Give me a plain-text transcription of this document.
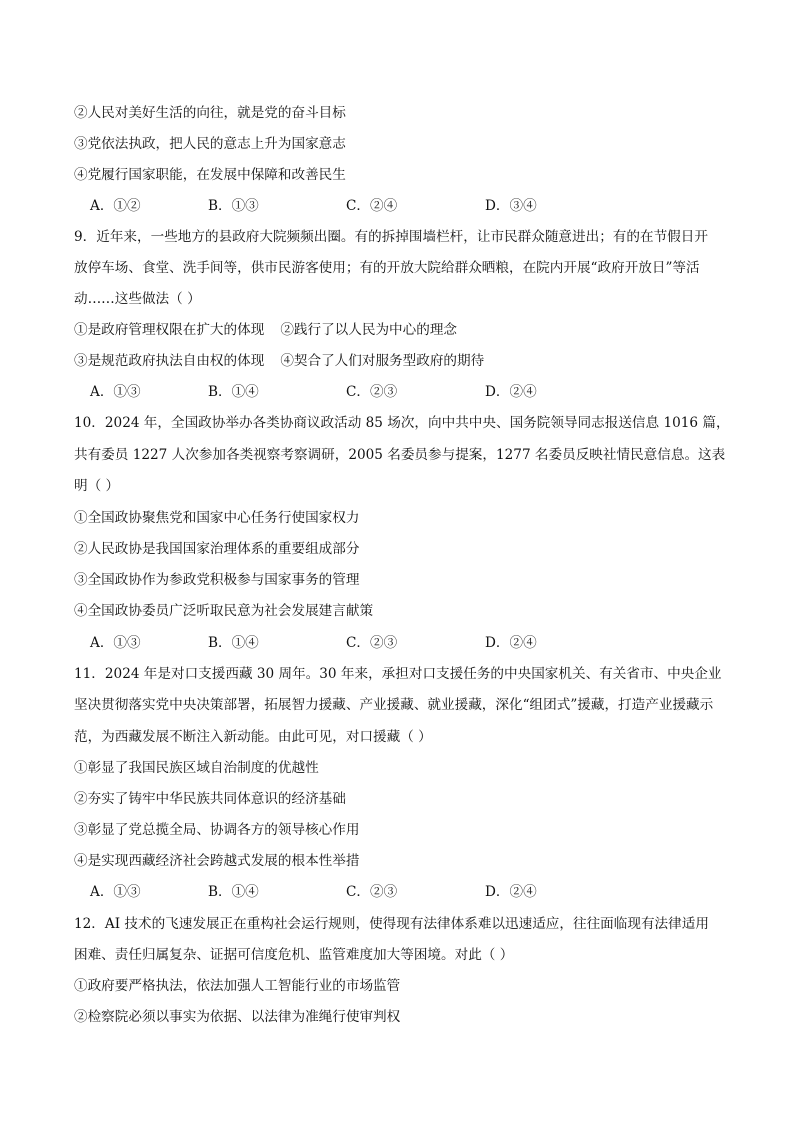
②人民对美好生活的向往，就是党的奋斗目标
③党依法执政，把人民的意志上升为国家意志
④党履行国家职能，在发展中保障和改善民生
A．①②	B．①③	C．②④	D．③④
9．近年来，一些地方的县政府大院频频出圈。有的拆掉围墙栏杆，让市民群众随意进出；有的在节假日开
放停车场、食堂、洗手间等，供市民游客使用；有的开放大院给群众晒粮，在院内开展“政府开放日”等活
动……这些做法（ ）
①是政府管理权限在扩大的体现 ②践行了以人民为中心的理念
③是规范政府执法自由权的体现 ④契合了人们对服务型政府的期待
A．①③	B．①④	C．②③	D．②④
10．2024 年，全国政协举办各类协商议政活动 85 场次，向中共中央、国务院领导同志报送信息 1016 篇，
共有委员 1227 人次参加各类视察考察调研，2005 名委员参与提案，1277 名委员反映社情民意信息。这表
明（ ）
①全国政协聚焦党和国家中心任务行使国家权力
②人民政协是我国国家治理体系的重要组成部分
③全国政协作为参政党积极参与国家事务的管理
④全国政协委员广泛听取民意为社会发展建言献策
A．①③	B．①④	C．②③	D．②④
11．2024 年是对口支援西藏 30 周年。30 年来，承担对口支援任务的中央国家机关、有关省市、中央企业
坚决贯彻落实党中央决策部署，拓展智力援藏、产业援藏、就业援藏，深化“组团式”援藏，打造产业援藏示
范，为西藏发展不断注入新动能。由此可见，对口援藏（ ）
①彰显了我国民族区域自治制度的优越性
②夯实了铸牢中华民族共同体意识的经济基础
③彰显了党总揽全局、协调各方的领导核心作用
④是实现西藏经济社会跨越式发展的根本性举措
A．①③	B．①④	C．②③	D．②④
12．AI 技术的飞速发展正在重构社会运行规则，使得现有法律体系难以迅速适应，往往面临现有法律适用
困难、责任归属复杂、证据可信度危机、监管难度加大等困境。对此（ ）
①政府要严格执法，依法加强人工智能行业的市场监管
②检察院必须以事实为依据、以法律为准绳行使审判权
